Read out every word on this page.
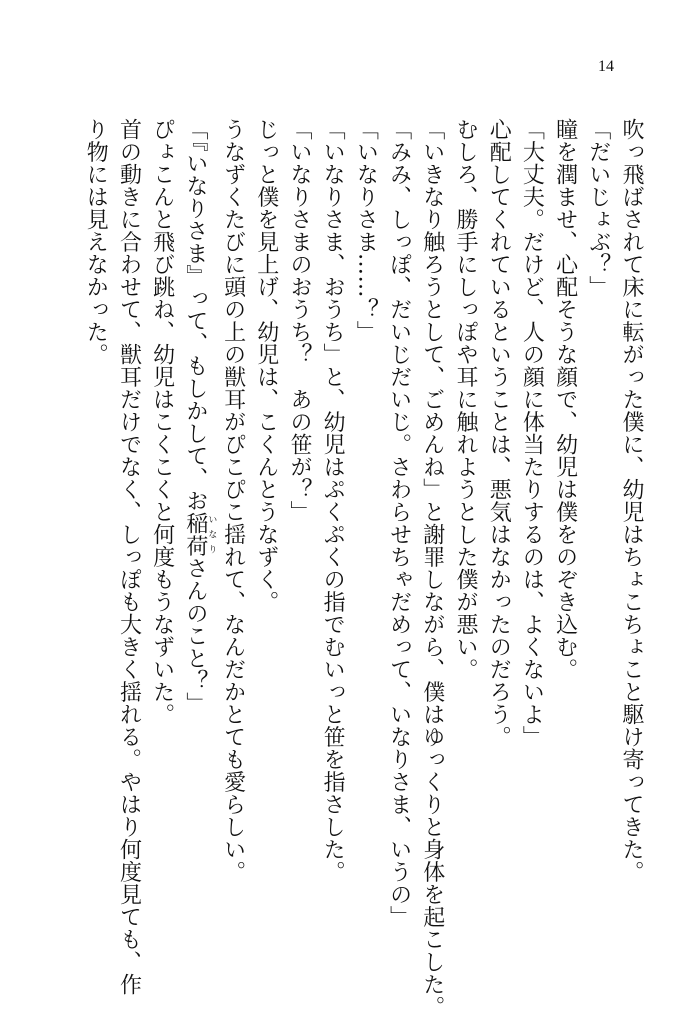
14
吹っ飛ばされて床に転がった僕に、幼児はちょこちょこと駆け寄ってきた。
「だいじょぶ？」
瞳を潤ませ、心配そうな顔で、幼児は僕をのぞき込む。
「大丈夫。だけど、人の顔に体当たりするのは、よくないよ」
心配してくれているということは、悪気はなかったのだろう。
むしろ、勝手にしっぽや耳に触れようとした僕が悪い。
「いきなり触ろうとして、ごめんね」と謝罪しながら、僕はゆっくりと身体を起こした。
「みみ、しっぽ、だいじだいじ。さわらせちゃだめって、いなりさま、いうの」
「いなりさま……？」
「いなりさま、おうち」と、幼児はぷくぷくの指でむいっと笹を指さした。
「いなりさまのおうち？　あの笹が？」
じっと僕を見上げ、幼児は、こくんとうなずく。
うなずくたびに頭の上の獣耳がぴこぴこ揺れて、なんだかとても愛らしい。
「『いなりさま』って、もしかして、お稲荷いなりさんのこと？」
ぴょこんと飛び跳ね、幼児はこくこくと何度もうなずいた。
首の動きに合わせて、獣耳だけでなく、しっぽも大きく揺れる。やはり何度見ても、作
り物には見えなかった。
